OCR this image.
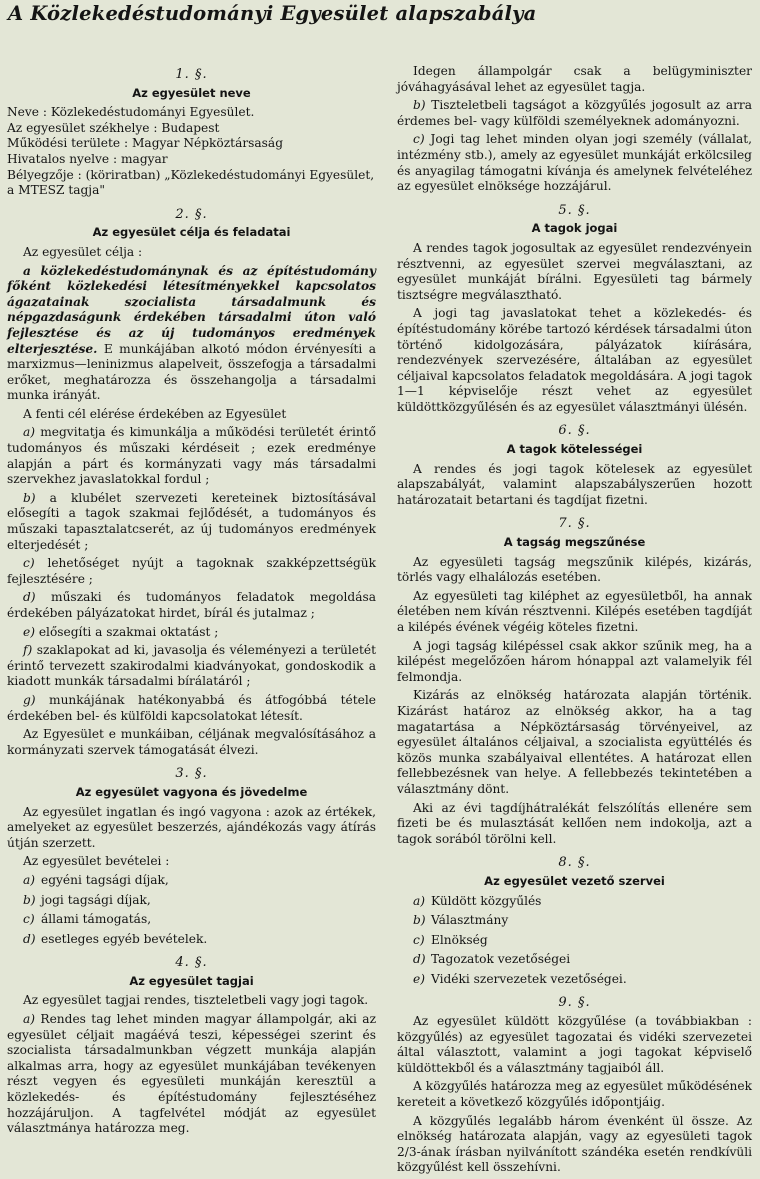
A Közlekedéstudományi Egyesület alapszabálya
1. §.
Az egyesület neve
Neve : Közlekedéstudományi Egyesület.
Az egyesület székhelye : Budapest
Működési területe : Magyar Népköztársaság
Hivatalos nyelve : magyar
Bélyegzője : (köriratban) „Közlekedéstudományi Egyesület, a MTESZ tagja"
2. §.
Az egyesület célja és feladatai

Az egyesület célja :

a közlekedéstudománynak és az építéstudomány főként közlekedési létesítményekkel kapcsolatos ágazatainak szocialista társadalmunk és népgazdaságunk érdekében társadalmi úton való fejlesztése és az új tudományos eredmények elterjesztése. E munkájában alkotó módon érvényesíti a marxizmus—leninizmus alapelveit, összefogja a társadalmi erőket, meghatározza és összehangolja a társadalmi munka irányát.

A fenti cél elérése érdekében az Egyesület

a) megvitatja és kimunkálja a működési területét érintő tudományos és műszaki kérdéseit ; ezek eredménye alapján a párt és kormányzati vagy más társadalmi szervekhez javaslatokkal fordul ;

b) a klubélet szervezeti kereteinek biztosításával elősegíti a tagok szakmai fejlődését, a tudományos és műszaki tapasztalatcserét, az új tudományos eredmények elterjedését ;

c) lehetőséget nyújt a tagoknak szakképzettségük fejlesztésére ;

d) műszaki és tudományos feladatok megoldása érdekében pályázatokat hirdet, bírál és jutalmaz ;

e) elősegíti a szakmai oktatást ;

f) szaklapokat ad ki, javasolja és véleményezi a területét érintő tervezett szakirodalmi kiadványokat, gondoskodik a kiadott munkák társadalmi bírálatáról ;

g) munkájának hatékonyabbá és átfogóbbá tétele érdekében bel- és külföldi kapcsolatokat létesít.

Az Egyesület e munkáiban, céljának megvalósításához a kormányzati szervek támogatását élvezi.

3. §.
Az egyesület vagyona és jövedelme

Az egyesület ingatlan és ingó vagyona : azok az értékek, amelyeket az egyesület beszerzés, ajándékozás vagy átírás útján szerzett.

Az egyesület bevételei :

a) egyéni tagsági díjak,
b) jogi tagsági díjak,
c) állami támogatás,
d) esetleges egyéb bevételek.
4. §.
Az egyesület tagjai

Az egyesület tagjai rendes, tiszteletbeli vagy jogi tagok.

a) Rendes tag lehet minden magyar állampolgár, aki az egyesület céljait magáévá teszi, képességei szerint és szocialista társadalmunkban végzett munkája alapján alkalmas arra, hogy az egyesület munkájában tevékenyen részt vegyen és egyesületi munkáján keresztül a közlekedés- és építéstudomány fejlesztéséhez hozzájáruljon. A tagfelvétel módját az egyesület választmánya határozza meg.

Idegen állampolgár csak a belügyminiszter jóváhagyásával lehet az egyesület tagja.

b) Tiszteletbeli tagságot a közgyűlés jogosult az arra érdemes bel- vagy külföldi személyeknek adományozni.

c) Jogi tag lehet minden olyan jogi személy (vállalat, intézmény stb.), amely az egyesület munkáját erkölcsileg és anyagilag támogatni kívánja és amelynek felvételéhez az egyesület elnöksége hozzájárul.

5. §.
A tagok jogai

A rendes tagok jogosultak az egyesület rendezvényein résztvenni, az egyesület szervei megválasztani, az egyesület munkáját bírálni. Egyesületi tag bármely tisztségre megválasztható.

A jogi tag javaslatokat tehet a közlekedés- és építéstudomány körébe tartozó kérdések társadalmi úton történő kidolgozására, pályázatok kiírására, rendezvények szervezésére, általában az egyesület céljaival kapcsolatos feladatok megoldására. A jogi tagok 1—1 képviselője részt vehet az egyesület küldöttközgyűlésén és az egyesület választmányi ülésén.

6. §.
A tagok kötelességei

A rendes és jogi tagok kötelesek az egyesület alapszabályát, valamint alapszabályszerűen hozott határozatait betartani és tagdíjat fizetni.

7. §.
A tagság megszűnése

Az egyesületi tagság megszűnik kilépés, kizárás, törlés vagy elhalálozás esetében.

Az egyesületi tag kiléphet az egyesületből, ha annak életében nem kíván résztvenni. Kilépés esetében tagdíját a kilépés évének végéig köteles fizetni.

A jogi tagság kilépéssel csak akkor szűnik meg, ha a kilépést megelőzően három hónappal azt valamelyik fél felmondja.

Kizárás az elnökség határozata alapján történik. Kizárást határoz az elnökség akkor, ha a tag magatartása a Népköztársaság törvényeivel, az egyesület általános céljaival, a szocialista együttélés és közös munka szabályaival ellentétes. A határozat ellen fellebbezésnek van helye. A fellebbezés tekintetében a választmány dönt.

Aki az évi tagdíjhátralékát felszólítás ellenére sem fizeti be és mulasztását kellően nem indokolja, azt a tagok sorából törölni kell.

8. §.
Az egyesület vezető szervei
a) Küldött közgyűlés
b) Választmány
c) Elnökség
d) Tagozatok vezetőségei
e) Vidéki szervezetek vezetőségei.
9. §.

Az egyesület küldött közgyűlése (a továbbiakban : közgyűlés) az egyesület tagozatai és vidéki szervezetei által választott, valamint a jogi tagokat képviselő küldöttekből és a választmány tagjaiból áll.

A közgyűlés határozza meg az egyesület működésének kereteit a következő közgyűlés időpontjáig.

A közgyűlés legalább három évenként ül össze. Az elnökség határozata alapján, vagy az egyesületi tagok 2/3-ának írásban nyilvánított szándéka esetén rendkívüli közgyűlést kell összehívni.
